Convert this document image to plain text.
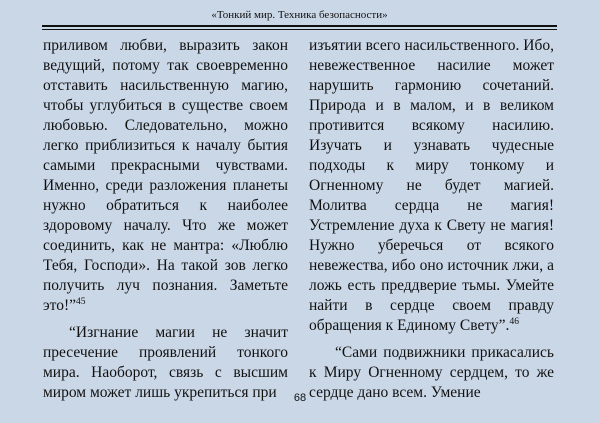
«Тонкий мир. Техника безопасности»

приливом любви, выразить закон ведущий, потому так своевременно отставить насильственную магию, чтобы углубиться в существе своем любовью. Следовательно, можно легко приблизиться к началу бытия самыми прекрасными чувствами. Именно, среди разложения планеты нужно обратиться к наиболее здоровому началу. Что же может соединить, как не мантра: «Люблю Тебя, Господи». На такой зов легко получить луч познания. Заметьте это!”$^{45}$

“Изгнание магии не значит пресечение проявлений тонкого мира. Наоборот, связь с высшим миром может лишь укрепиться при

изъятии всего насильственного. Ибо, невежественное насилие может нарушить гармонию сочетаний. Природа и в малом, и в великом противится всякому насилию. Изучать и узнавать чудесные подходы к миру тонкому и Огненному не будет магией. Молитва сердца не магия! Устремление духа к Свету не магия! Нужно уберечься от всякого невежества, ибо оно источник лжи, а ложь есть преддверие тьмы. Умейте найти в сердце своем правду обращения к Единому Свету”.$^{46}$

“Сами подвижники прикасались к Миру Огненному сердцем, то же сердце дано всем. Умение

68
